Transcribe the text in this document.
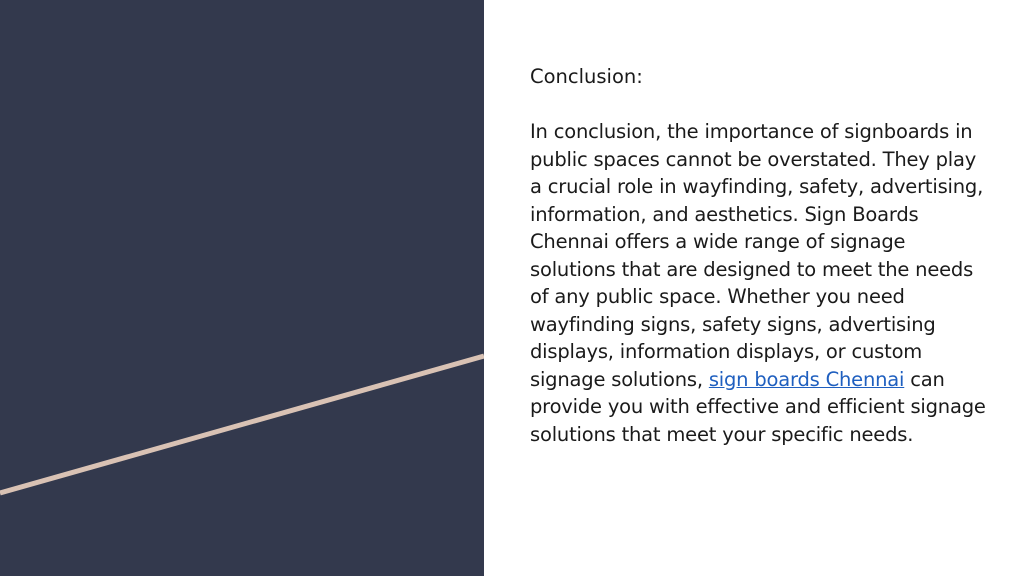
Conclusion:

In conclusion, the importance of signboards in public spaces cannot be overstated. They play a crucial role in wayfinding, safety, advertising, information, and aesthetics. Sign Boards Chennai offers a wide range of signage solutions that are designed to meet the needs of any public space. Whether you need wayfinding signs, safety signs, advertising displays, information displays, or custom signage solutions, sign boards Chennai can provide you with effective and efficient signage solutions that meet your specific needs.
